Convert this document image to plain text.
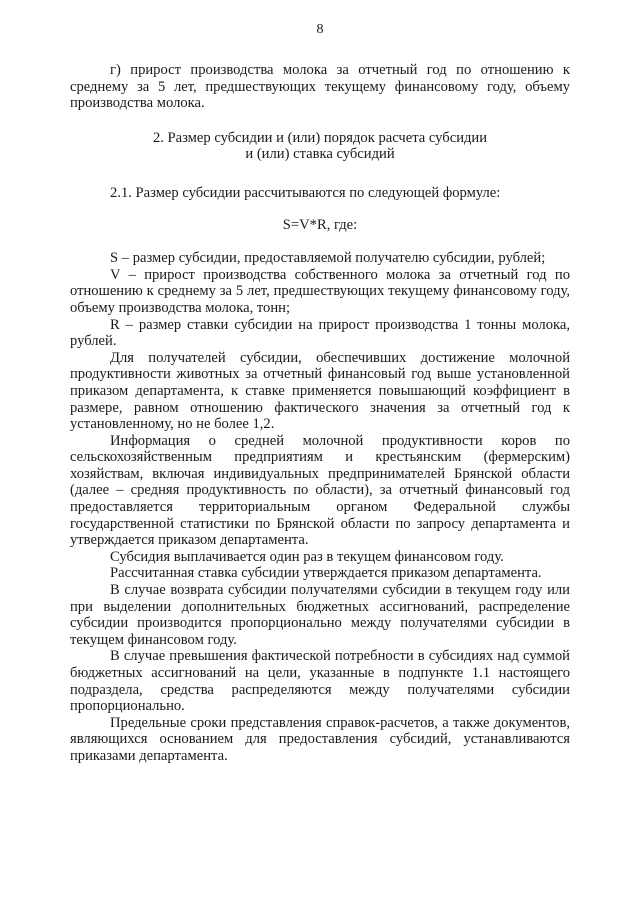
8

г) прирост производства молока за отчетный год по отношению к среднему за 5 лет, предшествующих текущему финансовому году, объему производства молока.

2. Размер субсидии и (или) порядок расчета субсидии
и (или) ставка субсидий

2.1. Размер субсидии рассчитываются по следующей формуле:

S=V*R, где:

S – размер субсидии, предоставляемой получателю субсидии, рублей;

V – прирост производства собственного молока за отчетный год по отношению к среднему за 5 лет, предшествующих текущему финансовому году, объему производства молока, тонн;

R – размер ставки субсидии на прирост производства 1 тонны молока, рублей.

Для получателей субсидии, обеспечивших достижение молочной продуктивности животных за отчетный финансовый год выше установленной приказом департамента, к ставке применяется повышающий коэффициент в размере, равном отношению фактического значения за отчетный год к установленному, но не более 1,2.

Информация о средней молочной продуктивности коров по сельскохозяйственным предприятиям и крестьянским (фермерским) хозяйствам, включая индивидуальных предпринимателей Брянской области (далее – средняя продуктивность по области), за отчетный финансовый год предоставляется территориальным органом Федеральной службы государственной статистики по Брянской области по запросу департамента и утверждается приказом департамента.

Субсидия выплачивается один раз в текущем финансовом году.

Рассчитанная ставка субсидии утверждается приказом департамента.

В случае возврата субсидии получателями субсидии в текущем году или при выделении дополнительных бюджетных ассигнований, распределение субсидии производится пропорционально между получателями субсидии в текущем финансовом году.

В случае превышения фактической потребности в субсидиях над суммой бюджетных ассигнований на цели, указанные в подпункте 1.1 настоящего подраздела, средства распределяются между получателями субсидии пропорционально.

Предельные сроки представления справок-расчетов, а также документов, являющихся основанием для предоставления субсидий, устанавливаются приказами департамента.
